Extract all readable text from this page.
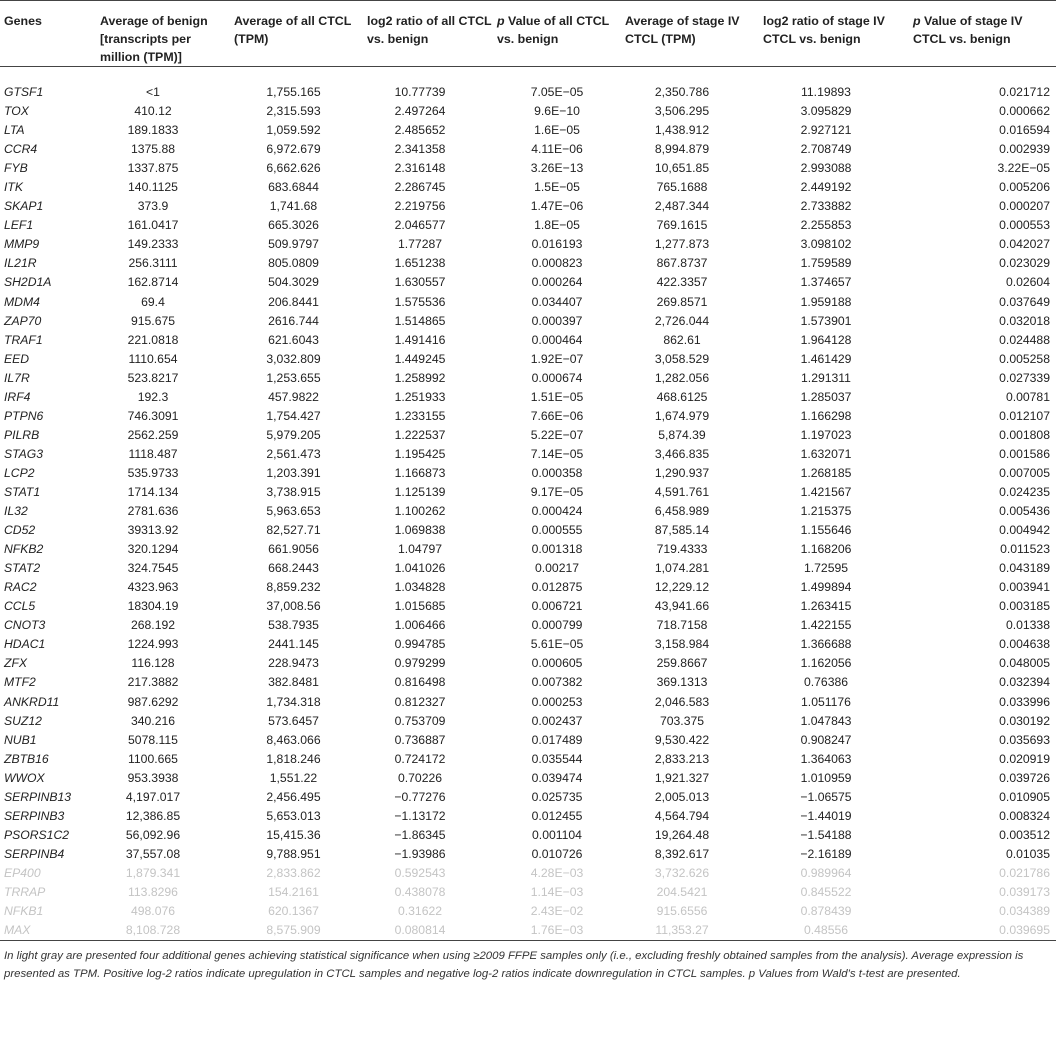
Genes	Average of benign [transcripts per million (TPM)]	Average of all CTCL (TPM)	log2 ratio of all CTCL vs. benign	p Value of all CTCL vs. benign	Average of stage IV CTCL (TPM)	log2 ratio of stage IV CTCL vs. benign	p Value of stage IV CTCL vs. benign

GTSF1	<1	1,755.165	10.77739	7.05E−05	2,350.786	11.19893	0.021712
TOX	410.12	2,315.593	2.497264	9.6E−10	3,506.295	3.095829	0.000662
LTA	189.1833	1,059.592	2.485652	1.6E−05	1,438.912	2.927121	0.016594
CCR4	1375.88	6,972.679	2.341358	4.11E−06	8,994.879	2.708749	0.002939
FYB	1337.875	6,662.626	2.316148	3.26E−13	10,651.85	2.993088	3.22E−05
ITK	140.1125	683.6844	2.286745	1.5E−05	765.1688	2.449192	0.005206
SKAP1	373.9	1,741.68	2.219756	1.47E−06	2,487.344	2.733882	0.000207
LEF1	161.0417	665.3026	2.046577	1.8E−05	769.1615	2.255853	0.000553
MMP9	149.2333	509.9797	1.77287	0.016193	1,277.873	3.098102	0.042027
IL21R	256.3111	805.0809	1.651238	0.000823	867.8737	1.759589	0.023029
SH2D1A	162.8714	504.3029	1.630557	0.000264	422.3357	1.374657	0.02604
MDM4	69.4	206.8441	1.575536	0.034407	269.8571	1.959188	0.037649
ZAP70	915.675	2616.744	1.514865	0.000397	2,726.044	1.573901	0.032018
TRAF1	221.0818	621.6043	1.491416	0.000464	862.61	1.964128	0.024488
EED	1110.654	3,032.809	1.449245	1.92E−07	3,058.529	1.461429	0.005258
IL7R	523.8217	1,253.655	1.258992	0.000674	1,282.056	1.291311	0.027339
IRF4	192.3	457.9822	1.251933	1.51E−05	468.6125	1.285037	0.00781
PTPN6	746.3091	1,754.427	1.233155	7.66E−06	1,674.979	1.166298	0.012107
PILRB	2562.259	5,979.205	1.222537	5.22E−07	5,874.39	1.197023	0.001808
STAG3	1118.487	2,561.473	1.195425	7.14E−05	3,466.835	1.632071	0.001586
LCP2	535.9733	1,203.391	1.166873	0.000358	1,290.937	1.268185	0.007005
STAT1	1714.134	3,738.915	1.125139	9.17E−05	4,591.761	1.421567	0.024235
IL32	2781.636	5,963.653	1.100262	0.000424	6,458.989	1.215375	0.005436
CD52	39313.92	82,527.71	1.069838	0.000555	87,585.14	1.155646	0.004942
NFKB2	320.1294	661.9056	1.04797	0.001318	719.4333	1.168206	0.011523
STAT2	324.7545	668.2443	1.041026	0.00217	1,074.281	1.72595	0.043189
RAC2	4323.963	8,859.232	1.034828	0.012875	12,229.12	1.499894	0.003941
CCL5	18304.19	37,008.56	1.015685	0.006721	43,941.66	1.263415	0.003185
CNOT3	268.192	538.7935	1.006466	0.000799	718.7158	1.422155	0.01338
HDAC1	1224.993	2441.145	0.994785	5.61E−05	3,158.984	1.366688	0.004638
ZFX	116.128	228.9473	0.979299	0.000605	259.8667	1.162056	0.048005
MTF2	217.3882	382.8481	0.816498	0.007382	369.1313	0.76386	0.032394
ANKRD11	987.6292	1,734.318	0.812327	0.000253	2,046.583	1.051176	0.033996
SUZ12	340.216	573.6457	0.753709	0.002437	703.375	1.047843	0.030192
NUB1	5078.115	8,463.066	0.736887	0.017489	9,530.422	0.908247	0.035693
ZBTB16	1100.665	1,818.246	0.724172	0.035544	2,833.213	1.364063	0.020919
WWOX	953.3938	1,551.22	0.70226	0.039474	1,921.327	1.010959	0.039726
SERPINB13	4,197.017	2,456.495	−0.77276	0.025735	2,005.013	−1.06575	0.010905
SERPINB3	12,386.85	5,653.013	−1.13172	0.012455	4,564.794	−1.44019	0.008324
PSORS1C2	56,092.96	15,415.36	−1.86345	0.001104	19,264.48	−1.54188	0.003512
SERPINB4	37,557.08	9,788.951	−1.93986	0.010726	8,392.617	−2.16189	0.01035
EP400	1,879.341	2,833.862	0.592543	4.28E−03	3,732.626	0.989964	0.021786
TRRAP	113.8296	154.2161	0.438078	1.14E−03	204.5421	0.845522	0.039173
NFKB1	498.076	620.1367	0.31622	2.43E−02	915.6556	0.878439	0.034389
MAX	8,108.728	8,575.909	0.080814	1.76E−03	11,353.27	0.48556	0.039695

In light gray are presented four additional genes achieving statistical significance when using ≥2009 FFPE samples only (i.e., excluding freshly obtained samples from the analysis). Average expression is presented as TPM. Positive log-2 ratios indicate upregulation in CTCL samples and negative log-2 ratios indicate downregulation in CTCL samples. p Values from Wald’s t-test are presented.
